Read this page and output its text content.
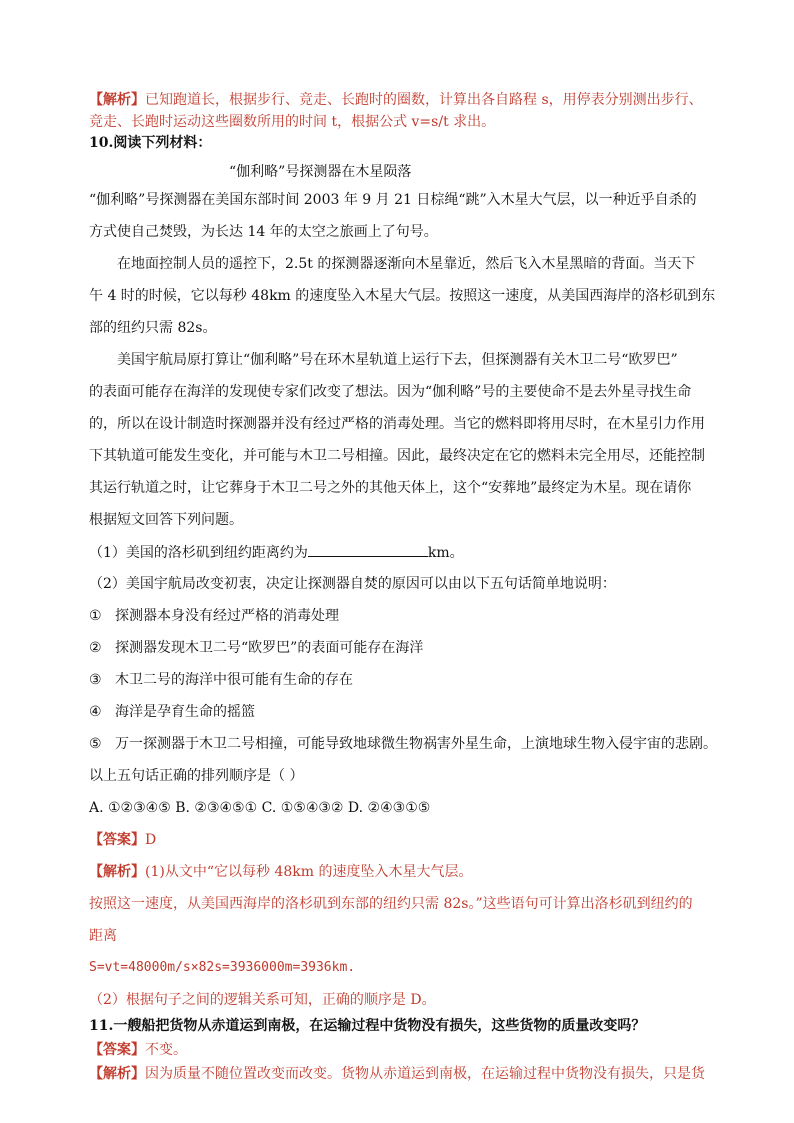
【解析】已知跑道长，根据步行、竞走、长跑时的圈数，计算出各自路程 s，用停表分别测出步行、
竞走、长跑时运动这些圈数所用的时间 t，根据公式 v=s/t 求出。
10.阅读下列材料：
“伽利略”号探测器在木星陨落
“伽利略”号探测器在美国东部时间 2003 年 9 月 21 日棕绳“跳”入木星大气层，以一种近乎自杀的
方式使自己焚毁，为长达 14 年的太空之旅画上了句号。
在地面控制人员的遥控下，2.5t 的探测器逐渐向木星靠近，然后飞入木星黑暗的背面。当天下
午 4 时的时候，它以每秒 48km 的速度坠入木星大气层。按照这一速度，从美国西海岸的洛杉矶到东
部的纽约只需 82s。
美国宇航局原打算让“伽利略”号在环木星轨道上运行下去，但探测器有关木卫二号“欧罗巴”
的表面可能存在海洋的发现使专家们改变了想法。因为“伽利略”号的主要使命不是去外星寻找生命
的，所以在设计制造时探测器并没有经过严格的消毒处理。当它的燃料即将用尽时，在木星引力作用
下其轨道可能发生变化，并可能与木卫二号相撞。因此，最终决定在它的燃料未完全用尽，还能控制
其运行轨道之时，让它葬身于木卫二号之外的其他天体上，这个“安葬地”最终定为木星。现在请你
根据短文回答下列问题。
（1）美国的洛杉矶到纽约距离约为	km。
（2）美国宇航局改变初衷，决定让探测器自焚的原因可以由以下五句话简单地说明：
① 探测器本身没有经过严格的消毒处理
② 探测器发现木卫二号“欧罗巴”的表面可能存在海洋
③ 木卫二号的海洋中很可能有生命的存在
④ 海洋是孕育生命的摇篮
⑤ 万一探测器于木卫二号相撞，可能导致地球微生物祸害外星生命，上演地球生物入侵宇宙的悲剧。
以上五句话正确的排列顺序是（ ）
A. ①②③④⑤ B. ②③④⑤① C. ①⑤④③② D. ②④③①⑤
【答案】D
【解析】(1)从文中“它以每秒 48km 的速度坠入木星大气层。
按照这一速度，从美国西海岸的洛杉矶到东部的纽约只需 82s。”这些语句可计算出洛杉矶到纽约的
距离
S=vt=48000m/s×82s=3936000m=3936km.
（2）根据句子之间的逻辑关系可知，正确的顺序是 D。
11.一艘船把货物从赤道运到南极，在运输过程中货物没有损失，这些货物的质量改变吗？
【答案】不变。
【解析】因为质量不随位置改变而改变。货物从赤道运到南极，在运输过程中货物没有损失，只是货
